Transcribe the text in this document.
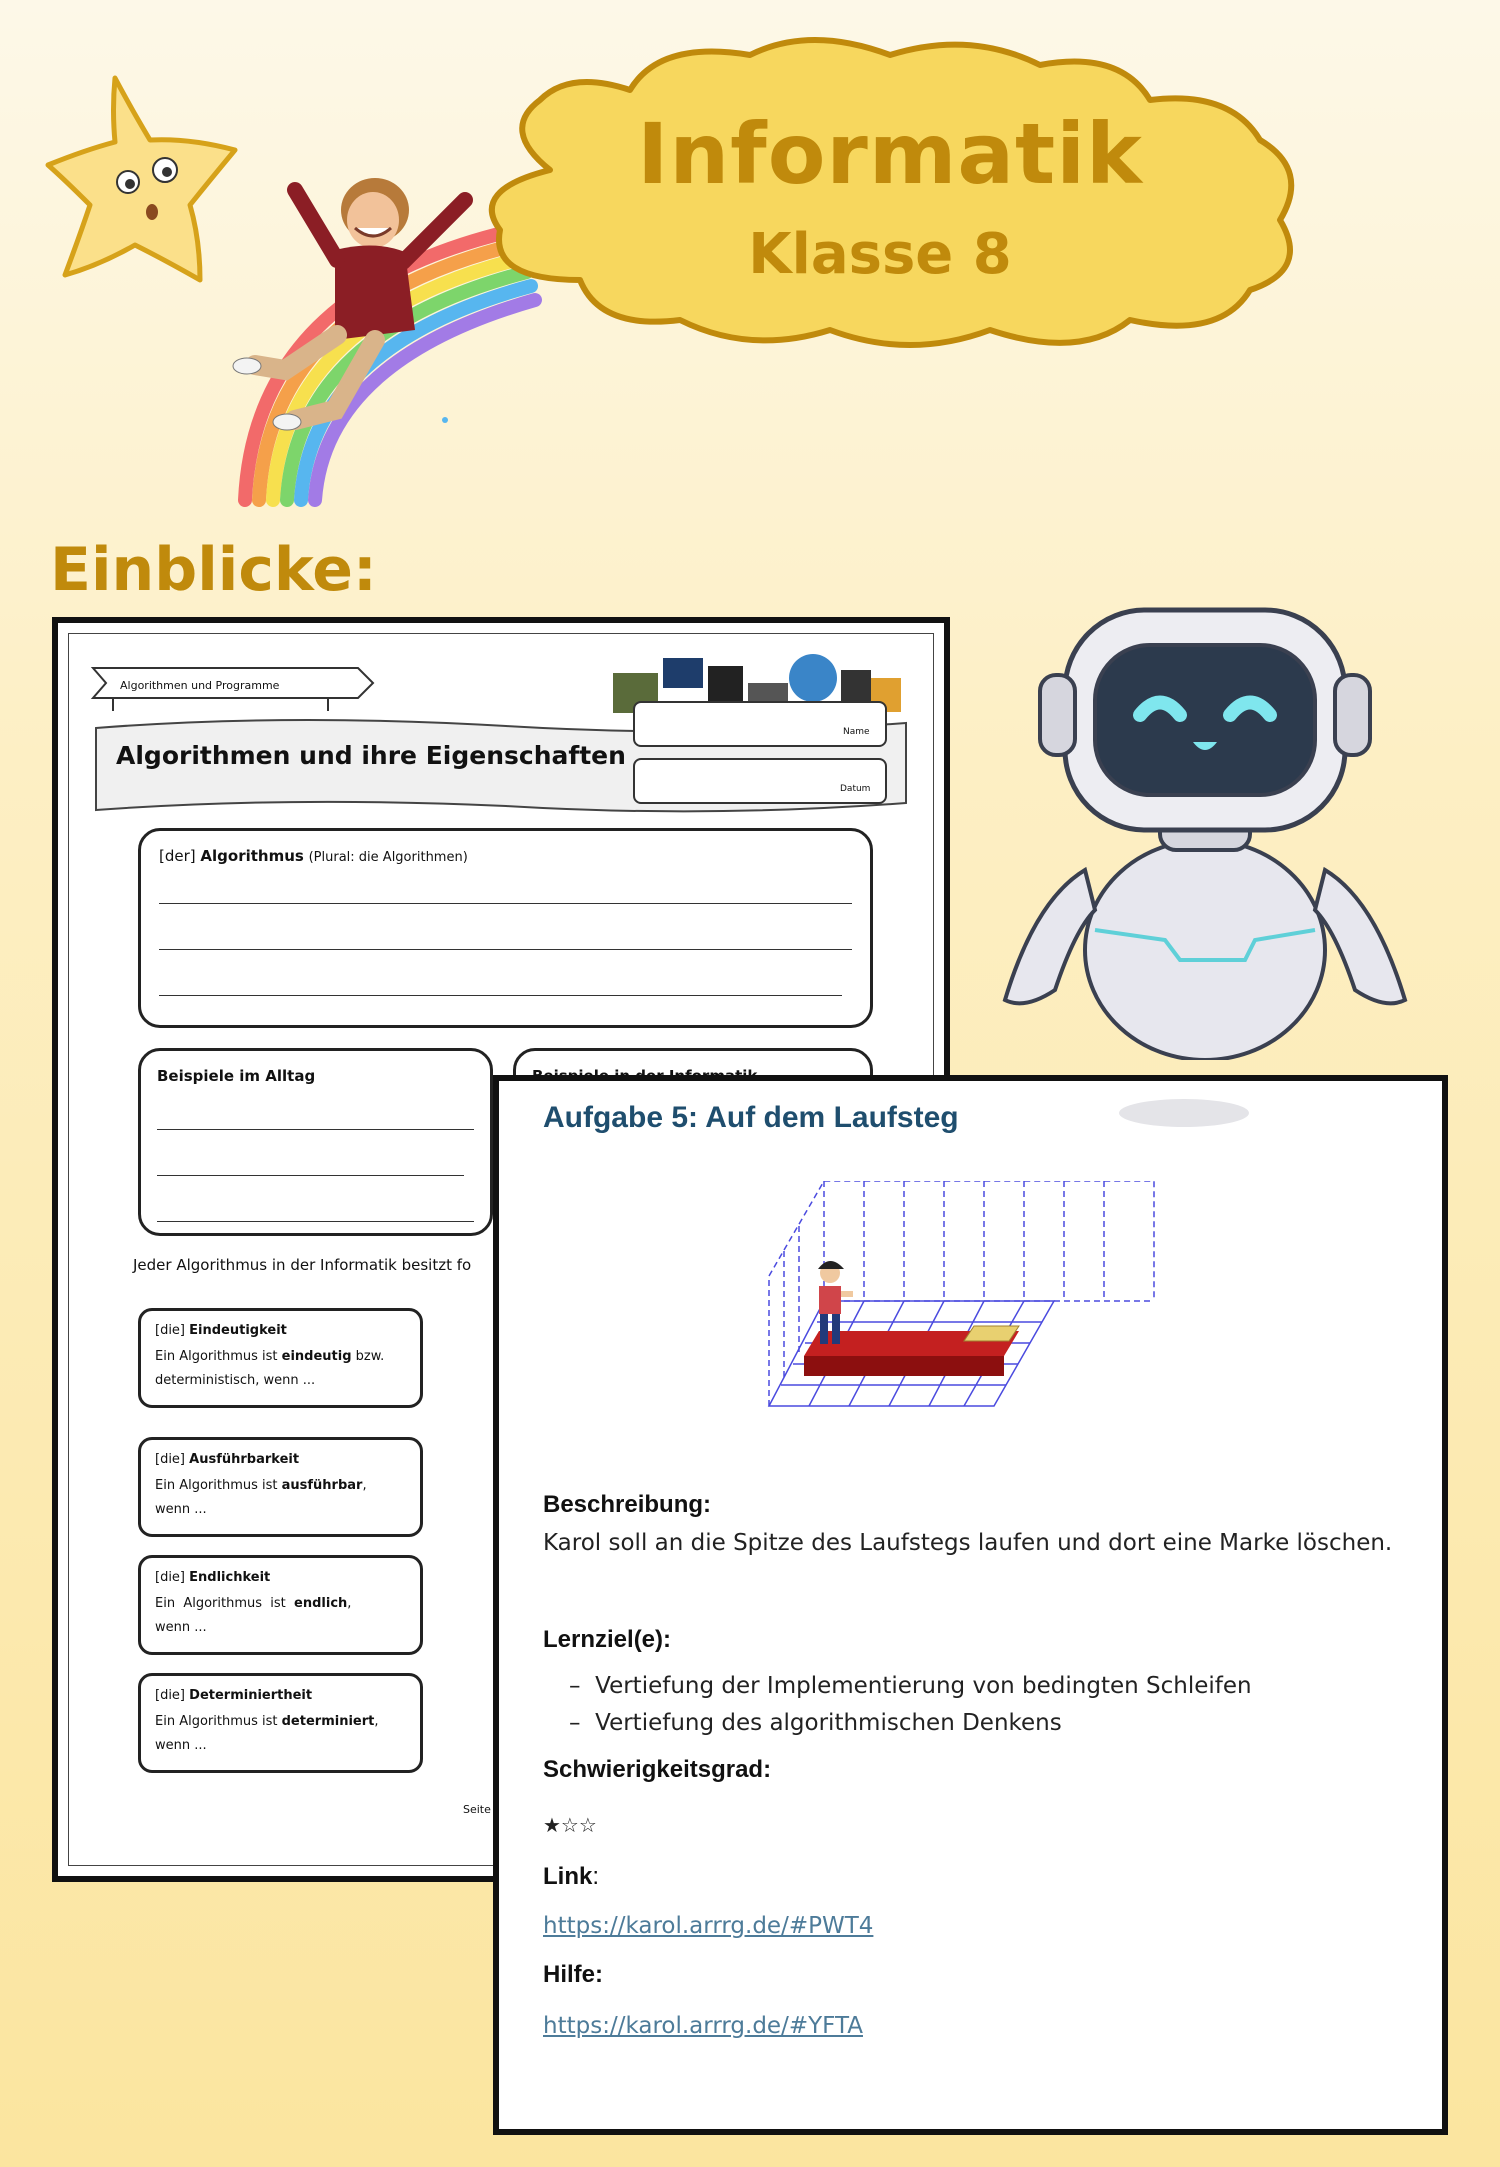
Informatik
Klasse 8
Einblicke:
Algorithmen und Programme
Algorithmen und ihre Eigenschaften
Name
Datum
[der] Algorithmus (Plural: die Algorithmen)
Beispiele im Alltag
Jeder Algorithmus in der Informatik besitzt fo
[die] Eindeutigkeit
Ein Algorithmus ist eindeutig bzw.
deterministisch, wenn ...
[die] Ausführbarkeit
Ein Algorithmus ist ausführbar,
wenn ...
[die] Endlichkeit
Ein  Algorithmus  ist  endlich,
wenn ...
[die] Determiniertheit
Ein Algorithmus ist determiniert,
wenn ...
Seite
Aufgabe 5: Auf dem Laufsteg
Beschreibung:
Karol soll an die Spitze des Laufstegs laufen und dort eine Marke löschen.
Lernziel(e):
–  Vertiefung der Implementierung von bedingten Schleifen
–  Vertiefung des algorithmischen Denkens
Schwierigkeitsgrad:
★☆☆
Link:
https://karol.arrrg.de/#PWT4
Hilfe:
https://karol.arrrg.de/#YFTA
